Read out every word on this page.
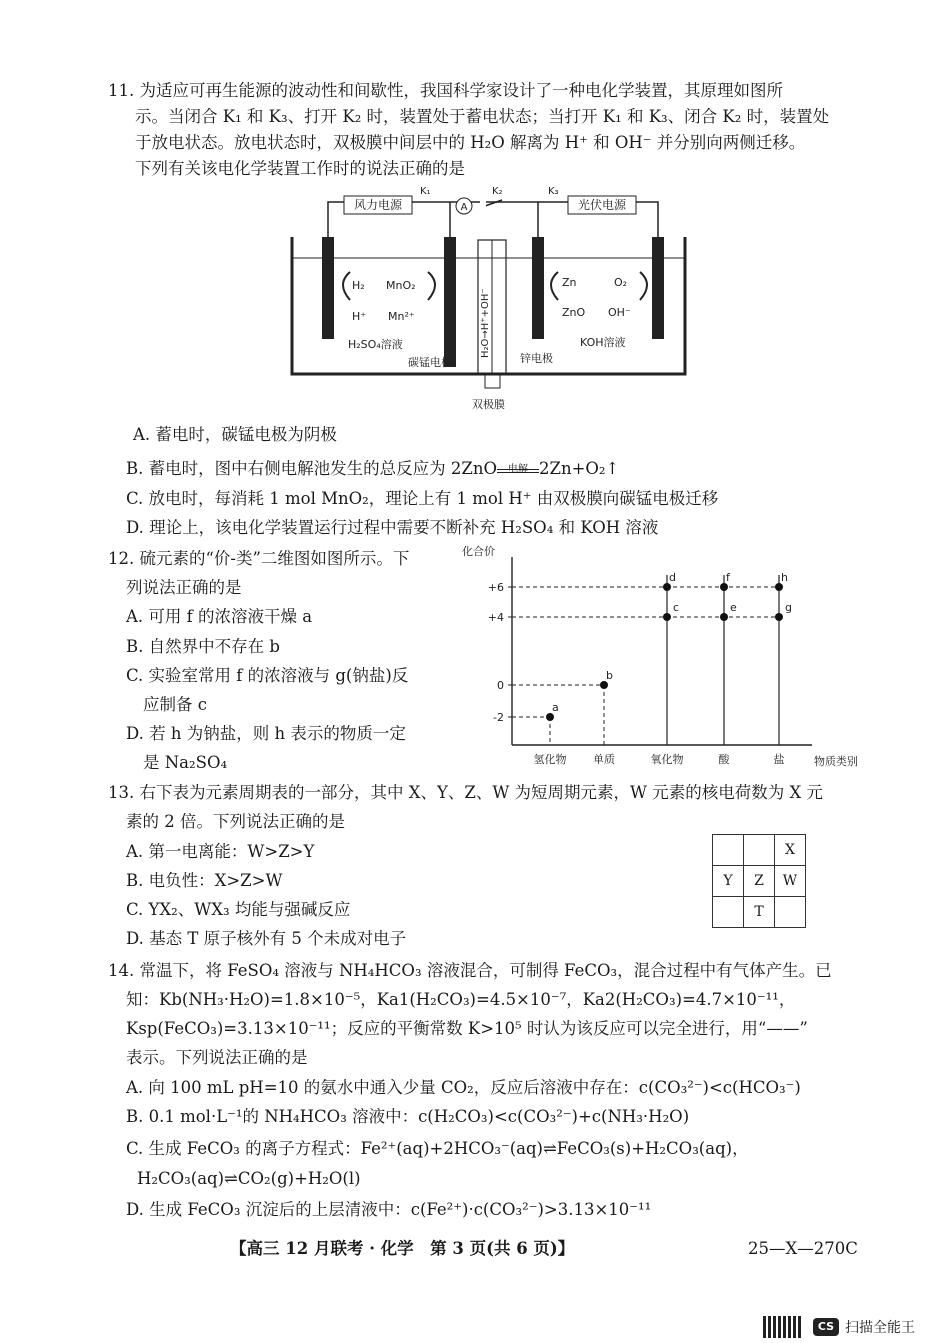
11. 为适应可再生能源的波动性和间歇性，我国科学家设计了一种电化学装置，其原理如图所
示。当闭合 K₁ 和 K₃、打开 K₂ 时，装置处于蓄电状态；当打开 K₁ 和 K₃、闭合 K₂ 时，装置处
于放电状态。放电状态时，双极膜中间层中的 H₂O 解离为 H⁺ 和 OH⁻ 并分别向两侧迁移。
下列有关该电化学装置工作时的说法正确的是
风力电源	光伏电源
A
K₁	K₂	K₃
H₂
H⁺
MnO₂
Mn²⁺
H₂SO₄溶液
碳锰电极
H₂O→H⁺+OH⁻
Zn
ZnO
锌电极
O₂
OH⁻
KOH溶液
双极膜
A. 蓄电时，碳锰电极为阴极
B. 蓄电时，图中右侧电解池发生的总反应为 2ZnO	电解 2Zn+O₂↑
C. 放电时，每消耗 1 mol MnO₂，理论上有 1 mol H⁺ 由双极膜向碳锰电极迁移
D. 理论上，该电化学装置运行过程中需要不断补充 H₂SO₄ 和 KOH 溶液
12. 硫元素的“价-类”二维图如图所示。下
列说法正确的是
A. 可用 f 的浓溶液干燥 a
B. 自然界中不存在 b
C. 实验室常用 f 的浓溶液与 g(钠盐)反
应制备 c
D. 若 h 为钠盐，则 h 表示的物质一定
是 Na₂SO₄
化合价
物质类别
+6
+4
0
-2
氢化物 单质	氧化物	酸	盐
a
b
c
d
e
f
g
h
13. 右下表为元素周期表的一部分，其中 X、Y、Z、W 为短周期元素，W 元素的核电荷数为 X 元
素的 2 倍。下列说法正确的是
A. 第一电离能：W>Z>Y
B. 电负性：X>Z>W
C. YX₂、WX₃ 均能与强碱反应
D. 基态 T 原子核外有 5 个未成对电子
		X
Y	Z	W
	T	
14. 常温下，将 FeSO₄ 溶液与 NH₄HCO₃ 溶液混合，可制得 FeCO₃，混合过程中有气体产生。已
知：Kb(NH₃·H₂O)=1.8×10⁻⁵，Ka1(H₂CO₃)=4.5×10⁻⁷，Ka2(H₂CO₃)=4.7×10⁻¹¹，
Ksp(FeCO₃)=3.13×10⁻¹¹；反应的平衡常数 K>10⁵ 时认为该反应可以完全进行，用“——”
表示。下列说法正确的是
A. 向 100 mL pH=10 的氨水中通入少量 CO₂，反应后溶液中存在：c(CO₃²⁻)<c(HCO₃⁻)
B. 0.1 mol·L⁻¹的 NH₄HCO₃ 溶液中：c(H₂CO₃)<c(CO₃²⁻)+c(NH₃·H₂O)
C. 生成 FeCO₃ 的离子方程式：Fe²⁺(aq)+2HCO₃⁻(aq)⇌FeCO₃(s)+H₂CO₃(aq)，
H₂CO₃(aq)⇌CO₂(g)+H₂O(l)
D. 生成 FeCO₃ 沉淀后的上层清液中：c(Fe²⁺)·c(CO₃²⁻)>3.13×10⁻¹¹
【高三 12 月联考 · 化学　第 3 页(共 6 页)】	25—X—270C
CS 扫描全能王
